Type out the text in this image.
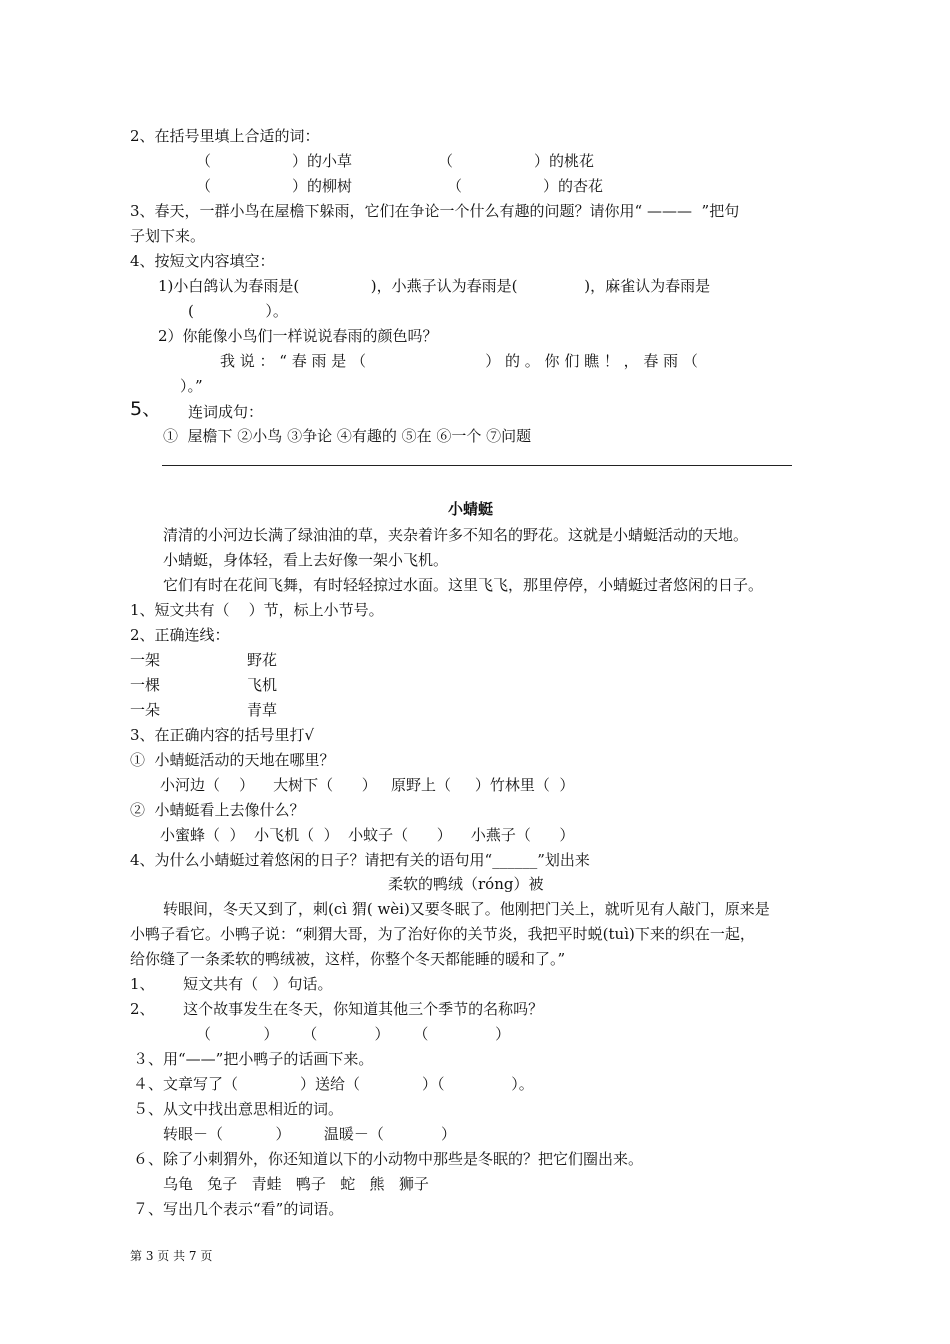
2、在括号里填上合适的词：
（                 ）的小草	（                 ）的桃花
（                 ）的柳树	（                 ）的杏花
3、春天，一群小鸟在屋檐下躲雨，它们在争论一个什么有趣的问题？请你用“ ———  ”把句
子划下来。
4、按短文内容填空：
1)小白鸽认为春雨是(               )，小燕子认为春雨是(              )，麻雀认为春雨是
(               ）。
2）你能像小鸟们一样说说春雨的颜色吗？
我 说 ： “ 春 雨 是 （                         ） 的 。 你 们 瞧 ！ ， 春 雨 （
）。”
5、 连词成句：
①  屋檐下 ②小鸟 ③争论 ④有趣的 ⑤在 ⑥一个 ⑦问题
小蜻蜓
清清的小河边长满了绿油油的草，夹杂着许多不知名的野花。这就是小蜻蜓活动的天地。
小蜻蜓，身体轻，看上去好像一架小飞机。
它们有时在花间飞舞，有时轻轻掠过水面。这里飞飞，那里停停，小蜻蜓过者悠闲的日子。
1、短文共有（    ）节，标上小节号。
2、正确连线：
一架	野花
一棵	飞机
一朵	青草
3、在正确内容的括号里打√
①  小蜻蜓活动的天地在哪里？
小河边（    ）    大树下（      ）   原野上（     ）竹林里（  ）
②  小蜻蜓看上去像什么？
小蜜蜂（  ）  小飞机（  ）  小蚊子（      ）    小燕子（      ）
4、为什么小蜻蜓过着悠闲的日子？请把有关的语句用“______”划出来
柔软的鸭绒（róng）被
转眼间，冬天又到了，刺(cì 猬( wèi)又要冬眠了。他刚把门关上，就听见有人敲门，原来是
小鸭子看它。小鸭子说：“刺猬大哥，为了治好你的关节炎，我把平时蜕(tuì)下来的织在一起，
给你缝了一条柔软的鸭绒被，这样，你整个冬天都能睡的暖和了。”
1、      短文共有（   ）句话。
2、      这个故事发生在冬天，你知道其他三个季节的名称吗？
（           ）     （            ）     （              ）
３、用“——”把小鸭子的话画下来。
４、文章写了（             ）送给（             ）（              ）。
５、从文中找出意思相近的词。
转眼－（           ）       温暖－（            ）
６、除了小刺猬外，你还知道以下的小动物中那些是冬眠的？把它们圈出来。
乌龟   兔子   青蛙   鸭子   蛇   熊   狮子
７、写出几个表示“看”的词语。
第 3 页 共 7 页
